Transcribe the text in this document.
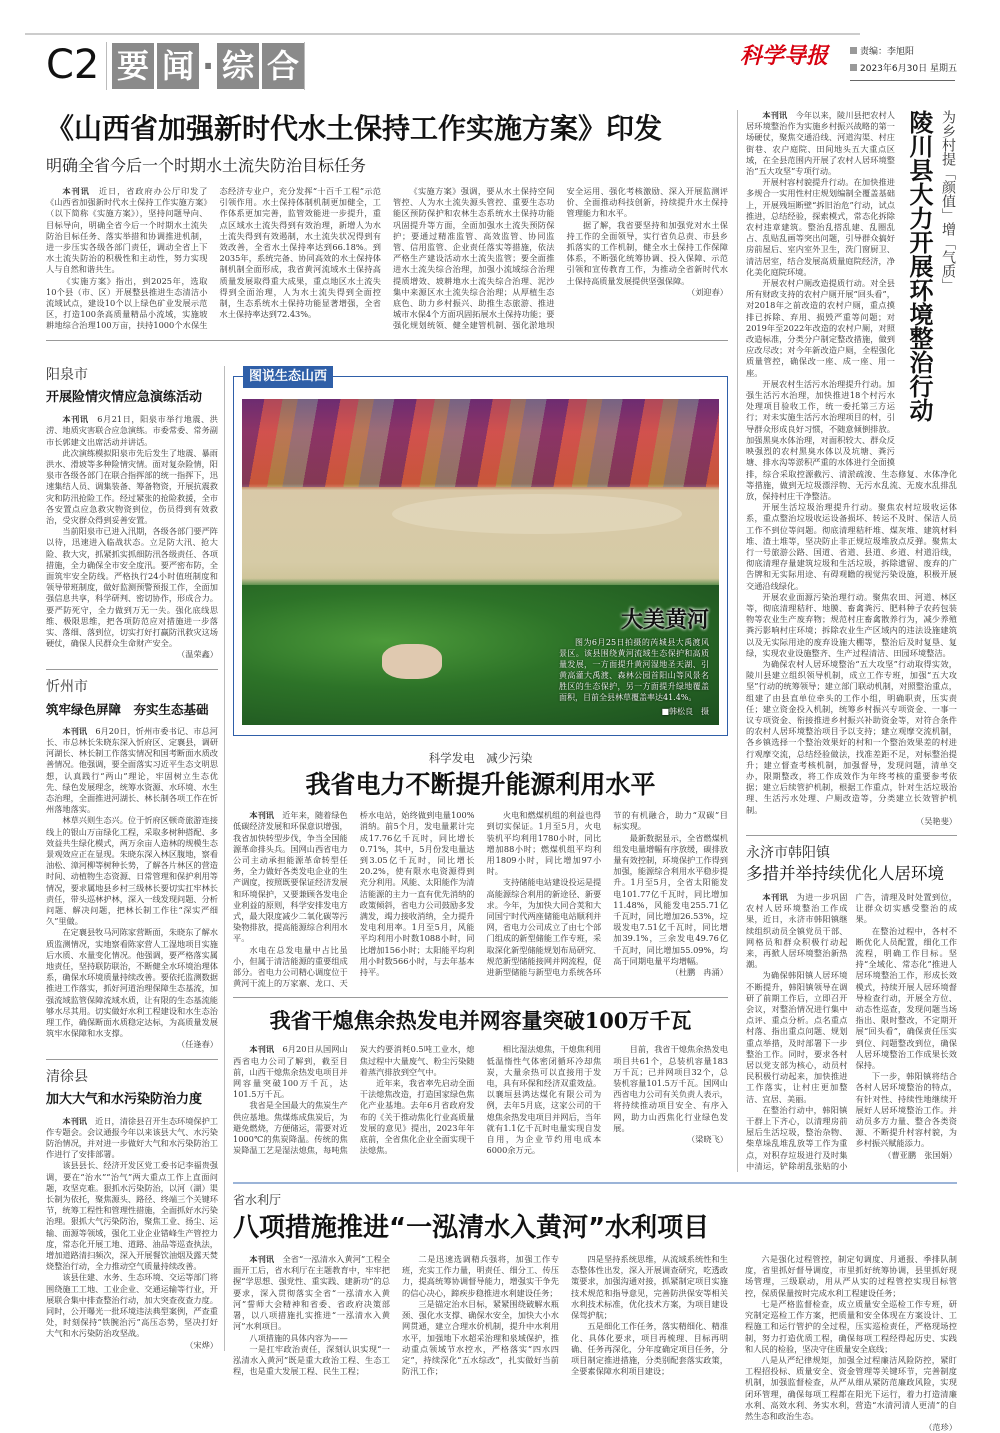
C2 要 闻 · 综 合	科学导报	责编：李旭阳
2023年6月30日 星期五
《山西省加强新时代水土保持工作实施方案》印发
明确全省今后一个时期水土流失防治目标任务

本刊讯　 近日，省政府办公厅印发了《山西省加强新时代水土保持工作实施方案》（以下简称《实施方案》），坚持问题导向、目标导向，明确全省今后一个时期水土流失防治目标任务、落实举措和协调推进机制，进一步压实各级各部门责任，调动全省上下水土流失防治的积极性和主动性，努力实现人与自然和谐共生。

《实施方案》指出，到2025年，选取10个县（市、区）开展整县推进生态清洁小流域试点，建设10个以上绿色矿业发展示范区，打造100条高质量精品小流域，实施坡耕地综合治理100万亩，扶持1000个水保生态经济专业户，充分发挥“十百千工程”示范引领作用。水土保持体制机制更加健全，工作体系更加完善，监管效能进一步提升，重点区域水土流失得到有效治理，新增人为水土流失得到有效遏制，水土流失状况得到有效改善，全省水土保持率达到66.18%。到2035年，系统完备、协同高效的水土保持体制机制全面形成，我省黄河流域水土保持高质量发展取得重大成果，重点地区水土流失得到全面治理，人为水土流失得到全面控制，生态系统水土保持功能显著增强，全省水土保持率达到72.43%。

《实施方案》强调，要从水土保持空间管控、人为水土流失源头管控、重要生态功能区预防保护和农林生态系统水土保持功能巩固提升等方面，全面加强水土流失预防保护；要通过精准监管、高效监管、协同监管、信用监管、企业责任落实等措施，依法严格生产建设活动水土流失监管；要全面推进水土流失综合治理，加强小流域综合治理提质增效、坡耕地水土流失综合治理、泥沙集中来源区水土流失综合治理；从厚植生态底色、助力乡村振兴、助推生态旅游、推进城市水保4个方面巩固拓展水土保持功能；要强化规划统领、健全建管机制、强化淤地坝安全运用、强化考核激励、深入开展监测评价、全面推动科技创新，持续提升水土保持管理能力和水平。

据了解，我省要坚持和加强党对水土保持工作的全面领导，实行省负总责、市县乡抓落实的工作机制，健全水土保持工作保障体系，不断强化统筹协调、投入保障、示范引领和宣传教育工作，为推动全省新时代水土保持高质量发展提供坚强保障。

（刘迎春）

阳泉市
开展险情灾情应急演练活动

本刊讯　 6月21日，阳泉市举行地震、洪涝、地质灾害联合应急演练。市委常委、常务副市长郭建文出席活动并讲话。

此次演练模拟阳泉市先后发生了地震、暴雨洪水、滑坡等多种险情灾情。面对复杂险情，阳泉市各级各部门在联合指挥部的统一指挥下，迅速集结人员、调集装备、筹备物资，开展抗震救灾和防汛抢险工作。经过紧张的抢险救援，全市各安置点应急救灾物资到位，伤员得到有效救治，受灾群众得到妥善安置。

当前阳泉市已进入汛期，各级各部门要严阵以待，迅速进入临战状态。立足防大汛、抢大险、救大灾，抓紧抓实抓细防汛各级责任、各项措施，全力确保全市安全度汛。要严密布防，全面筑牢安全防线。严格执行24小时值班制度和领导带班制度，做好监测预警预报工作，全面加强信息共享，科学研判、密切协作，形成合力。要严防死守，全力做到万无一失。强化底线思维、极限思维，把各项防范应对措施进一步落实、落细、落到位，切实打好打赢防汛救灾这场硬仗，确保人民群众生命财产安全。

（温荣鑫）

忻州市
筑牢绿色屏障　夯实生态基础

本刊讯　 6月20日，忻州市委书记、市总河长、市总林长朱晓东深入忻府区、定襄县，调研河湖长、林长制工作落实情况和国考断面水质改善情况。他强调，要全面落实习近平生态文明思想，认真践行“两山”理论，牢固树立生态优先、绿色发展理念，统筹水资源、水环境、水生态治理，全面推进河湖长、林长制各项工作在忻州落地落实。

林草兴则生态兴。位于忻府区顿奇旅游连接线上的银山万亩绿化工程，采取多树种搭配、多效益共生绿化模式，两万余亩人造林的规模生态景观效应正在显现。朱晓东深入林区腹地，察看油松、漳河柳等树种长势，了解各片林区的营造时间、动植物生态资源、日常管理和保护利用等情况，要求属地县乡村三级林长要切实扛牢林长责任，带头巡林护林，深入一线发现问题、分析问题、解决问题，把林长制工作往“深实严细久”里做。

在定襄县牧马河陈家营断面，朱晓东了解水质监测情况，实地察看陈家营人工湿地项目实施后水质、水量变化情况。他强调，要严格落实属地责任，坚持联防联治，不断健全水环境治理体系，确保水环境质量持续改善。要依托监测数据推进工作落实，抓好河道治理保障生态基流，加强流域监管保障流域水质，让有限的生态基流能够水尽其用。切实做好水利工程建设和水生态治理工作，确保断面水质稳定达标，为高质量发展筑牢水保障和水支撑。

（任逢春）

清徐县
加大大气和水污染防治力度

本刊讯　 近日，清徐县召开生态环境保护工作专题会。会议通报今年以来该县大气、水污染防治情况，并对进一步做好大气和水污染防治工作进行了安排部署。

该县县长、经济开发区党工委书记李福贵强调，要在“治水”“治气”两大重点工作上直面问题，攻坚克难。狠抓水污染防治，以河（湖）渠长制为依托，聚焦源头、路径、终端三个关键环节，统筹工程性和管理性措施，全面抓好水污染治理。狠抓大气污染防治，聚焦工业、扬尘、运输、面源等领域，强化工业企业错峰生产管控力度，常态化开展工地、道路、油品等巡查执法，增加道路清扫频次，深入开展餐饮油烟及露天焚烧整治行动，全力推动空气质量持续改善。

该县住建、水务、生态环境、交运等部门将围绕施工工地、工业企业、交通运输等行业，开展联合集中排查整治行动，加大突查夜查力度。同时，公开曝光一批环境违法典型案例，严查重处，时刻保持“铁腕治污”高压态势，坚决打好大气和水污染防治攻坚战。

（宋烨）

大美黄河
图为6月25日拍摄的芮城县大禹渡风景区。该县围绕黄河流域生态保护和高质量发展，一方面提升黄河湿地圣天湖、引黄高灌大禹渡、森林公园首阳山等风景名胜区的生态保护，另一方面提升绿地覆盖面积，目前全县林草覆盖率达41.4%。
■韩松良　摄
图说生态山西
科学发电　减少污染
我省电力不断提升能源利用水平

本刊讯　 近年来，随着绿色低碳经济发展和环保意识增强，我省加快转型步伐，争当全国能源革命排头兵。国网山西省电力公司主动承担能源革命转型任务，全力做好各类发电企业的生产调度，按照既要保证经济发展和环境保护，又要兼顾各发电企业利益的原则，科学安排发电方式，最大限度减少二氧化碳等污染物排放，提高能源综合利用水平。

水电在总发电量中占比虽小，但属于清洁能源的重要组成部分。省电力公司精心调度位于黄河干流上的万家寨、龙口、天桥水电站，始终做到电量100%消纳。前5个月，发电量累计完成17.76亿千瓦时，同比增长0.71%，其中，5月份发电量达到3.05亿千瓦时，同比增长20.2%，使有限水电资源得到充分利用。风能、太阳能作为清洁能源的主力一直有优先消纳的政策倾斜，省电力公司鼓励多发满发，竭力接收消纳，全力提升发电利用率。1月至5月，风能平均利用小时数1088小时，同比增加156小时；太阳能平均利用小时数566小时，与去年基本持平。

火电和燃煤机组的利益也得到切实保证。1月至5月，火电装机平均利用1780小时，同比增加88小时；燃煤机组平均利用1809小时，同比增加97小时。

支持储能电站建设投运是提高能源综合利用的新途径、新要求。今年，为加快大同合荚和大同国宁时代两座储能电站顺利并网，省电力公司成立了由七个部门组成的新型储能工作专班，采取深化新型储能规划布局研究、规范新型储能接网并网流程，促进新型储能与新型电力系统各环节的有机融合，助力“双碳”目标实现。

最新数据显示，全省燃煤机组发电量增幅有序放缓，碳排放量有效控制，环境保护工作得到加强，能源综合利用水平稳步提升。1月至5月，全省太阳能发电101.77亿千瓦时，同比增加11.48%，风能发电255.71亿千瓦时，同比增加26.53%，垃圾发电7.51亿千瓦时，同比增加39.1%，三余发电49.76亿千瓦时，同比增加55.09%，均高于同期电量平均增幅。

（杜鹏　冉涌）

我省干熄焦余热发电并网容量突破100万千瓦

本刊讯　 6月20日从国网山西省电力公司了解到，截至目前，山西干熄焦余热发电项目并网容量突破100万千瓦，达101.5万千瓦。

我省是全国最大的焦炭生产供应基地。焦煤炼成焦炭后，为避免燃烧，方便储运，需要对近1000℃的焦炭降温。传统的焦炭降温工艺是湿法熄焦，每吨焦炭大约要消耗0.5吨工业水，熄焦过程中大量废气、粉尘污染随着蒸汽排放到空气中。

近年来，我省率先启动全面干法熄焦改造，打造国家绿色焦化产业基地。去年6月省政府发布的《关于推动焦化行业高质量发展的意见》提出，2023年年底前，全省焦化企业全面实现干法熄焦。

相比湿法熄焦，干熄焦利用低温惰性气体密闭循环冷却焦炭，大量余热可以直接用于发电，具有环保和经济双重效益。以襄垣县鸿达煤化有限公司为例，去年5月底，这家公司的干熄焦余热发电项目并网后，当年就有1.1亿千瓦时电量实现自发自用，为企业节约用电成本6000余万元。

目前，我省干熄焦余热发电项目共61个，总装机容量183万千瓦；已并网项目32个，总装机容量101.5万千瓦。国网山西省电力公司有关负责人表示，将持续推动项目安全、有序入网，助力山西焦化行业绿色发展。

（梁晓飞）

为乡村提「颜值」增「气质」
陵川县大力开展环境整治行动

本刊讯　 今年以来，陵川县把农村人居环境整治作为实施乡村振兴战略的第一场硬仗，聚焦交通沿线、河道沟渠、村庄街巷、农户庭院、田间地头五大重点区域，在全县范围内开展了农村人居环境整治“五大攻坚”专项行动。

开展村容村貌提升行动。在加快推进多规合一实用性村庄规划编制全覆盖基础上，开展残垣断壁“拆旧治危”行动，试点推进，总结经验，探索模式，常态化拆除农村违章建筑。整治乱搭乱建、乱圈乱占、乱贴乱画等突出问题，引导群众搞好房前屋后、室内室外卫生，洗门窗厨卫、清洁居室，结合发展高质量庭院经济，净化美化庭院环境。

开展农村户厕改造提质行动。对全县所有财政支持的农村户厕开展“回头看”，对2018年之前改造的农村户厕，重点摸排已拆除、弃用、损毁严重等问题；对2019年至2022年改造的农村户厕，对照改造标准，分类分户制定整改措施，做到应改尽改；对今年新改造户厕，全程强化质量管控，确保改一座、成一座、用一座。

开展农村生活污水治理提升行动。加强生活污水治理，加快推进18个村污水处理项目验收工作，统一委托第三方运行；对未实施生活污水治理项目的村，引导群众形成良好习惯，不随意倾倒排放。加强黑臭水体治理，对面积较大、群众反映强烈的农村黑臭水体以及坑塘、粪污塘、排水沟等淤积严重的水体进行全面摸排，综合采取控源截污、清淤疏浚、生态修复、水体净化等措施，做到无垃圾漂浮物、无污水乱流、无废水乱排乱放，保持村庄干净整洁。

开展生活垃圾治理提升行动。聚焦农村垃圾收运体系，重点整治垃圾收运设备损坏、转运不及时、保洁人员工作不到位等问题。彻底清理秸秆堆、煤灰堆、建筑材料堆、渣土堆等，坚决防止非正规垃圾堆放点反弹。聚焦太行一号旅游公路、国道、省道、县道、乡道、村道沿线，彻底清理存量建筑垃圾和生活垃圾，拆除遗留、废弃的广告牌和无实际用途、有碍观瞻的视觉污染设施，积极开展交通沿线绿化。

开展农业面源污染治理行动。聚焦农田、河道、林区等，彻底清理秸秆、地膜、畜禽粪污、肥料种子农药包装物等农业生产废弃物；规范村庄畜禽散养行为，减少养殖粪污影响村庄环境；拆除农业生产区域内的违法设施建筑以及无实际用途的废弃设施大棚等，整治后及时复垦、复绿，实现农业设施整齐、生产过程清洁、田园环境整洁。

为确保农村人居环境整治“五大攻坚”行动取得实效，陵川县建立组织领导机制，成立工作专班，加强“五大攻坚”行动的统筹领导；建立部门联动机制，对照整治重点，组建了由县直单位牵头的工作小组，明确职责，压实责任；建立资金投入机制，统筹乡村振兴专项资金、一事一议专项资金、衔接推进乡村振兴补助资金等，对符合条件的农村人居环境整治项目予以支持；建立观摩交流机制，各乡镇选择一个整治效果好的村和一个整治效果差的村进行观摩交流，总结经验做法，找准差距不足，对标整治提升；建立督查考核机制，加强督导，发现问题，清单交办，限期整改，将工作成效作为年终考核的重要参考依据；建立后续管护机制，根据工作重点，针对生活垃圾治理、生活污水处理、户厕改造等，分类建立长效管护机制。

（吴艳斐）

永济市韩阳镇
多措并举持续优化人居环境

本刊讯　 为进一步巩固农村人居环境整治工作成果，近日，永济市韩阳镇继续组织动员全镇党员干部、网格员和群众积极行动起来，再掀人居环境整治新热潮。

为确保韩阳镇人居环境不断提升，韩阳镇领导在调研了前期工作后，立即召开会议，对整治情况进行集中点评、重点分析。点名重点村落、指出重点问题、规划重点举措，及时部署下一步整治工作。同时，要求各村居以党支部为核心，动员村民积极行动起来，加快推进工作落实，让村庄更加整洁、宜居、美丽。

在整治行动中，韩阳镇干群上下齐心，以清理房前屋后生活垃圾，整治杂物、柴草垛乱堆乱放等工作为重点，对积存垃圾进行及时集中清运，铲除胡乱张贴的小广告，清理及时处置到位，让群众切实感受整治的成果。

在整治过程中，各村不断优化人员配置，细化工作流程，明确工作目标。坚持“全域化、常态化”推进人居环境整治工作，形成长效模式，持续开展人居环境督导检查行动，开展全方位、动态性巡查，发现问题当场指出、限时整改，不定期开展“回头看”，确保责任压实到位、问题整改到位，确保人居环境整治工作成果长效保持。

下一步，韩阳镇将结合各村人居环境整治的特点，有针对性、持续性地继续开展好人居环境整治工作。并动员多方力量、整合各类资源、不断提升村容村貌，为乡村振兴赋能添力。

（曹亚鹏　张国娟）

省水利厅
八项措施推进“一泓清水入黄河”水利项目

本刊讯　 全省“一泓清水入黄河”工程全面开工后，省水利厅在主题教育中，牢牢把握“学思想、强党性、重实践、建新功”的总要求，深入贯彻落实全省“一泓清水入黄河”誓师大会精神和省委、省政府决策部署，以八项措施扎实推进“一泓清水入黄河”水利项目。

八项措施的具体内容为——

一是扛牢政治责任，深刻认识实现“一泓清水入黄河”既是重大政治工程、生态工程，也是重大发展工程、民生工程；

二是迅速选调精兵强将，加强工作专班，充实工作力量，明责任、细分工、传压力，提高统筹协调督导能力，增强实干争先的信心决心，蹄疾步稳推进水利建设任务；

三是锚定治水目标，紧紧围绕破解水瓶颈、强化水支撑、确保水安全，加快大小水网贯通，建立合理水价机制，提升中水利用水平，加强地下水超采治理和泉域保护，推动重点领域节水控水，严格落实“四水四定”，持续深化“五水综改”，扎实做好当前防汛工作；

四是坚持系统思维，从流域系统性和生态整体性出发，深入开展调查研究，吃透政策要求，加强沟通对接，抓紧制定项目实施技术规范和指导意见，完善防洪保安等相关水利技术标准，优化技术方案，为项目建设保驾护航；

五是细化工作任务，落实精细化、精准化、具体化要求，项目再梳理、目标再明确、任务再深化，分年度确定项目任务，分项目制定推进措施，分类别配套落实政策，全要素保障水利项目建设；

六是强化过程管控，制定旬调度、月通报、季排队制度，省里抓好督导调度，市里抓好统筹协调，县里抓好现场管理，三级联动，用从严从实的过程管控实现目标管控，保质保量按时完成水利工程建设任务；

七是严格监督检查，成立质量安全巡检工作专班，研究制定巡检工作方案，把质量和安全体现在方案设计、工程施工和运行管护的全过程，压实巡检责任，严格现场控制，努力打造优质工程，确保每项工程经得起历史、实践和人民的检验，坚决守住质量安全底线；

八是从严纪律规矩，加强全过程廉洁风险防控，紧盯工程招投标、质量安全、资金管理等关键环节，完善制度机制，加强监督检查，从严从细从紧防范廉政风险，实现闭环管理，确保每项工程都在阳光下运行，着力打造清廉水利、高效水利、务实水利，营造“水清河清人更清”的自然生态和政治生态。

（范珍）
